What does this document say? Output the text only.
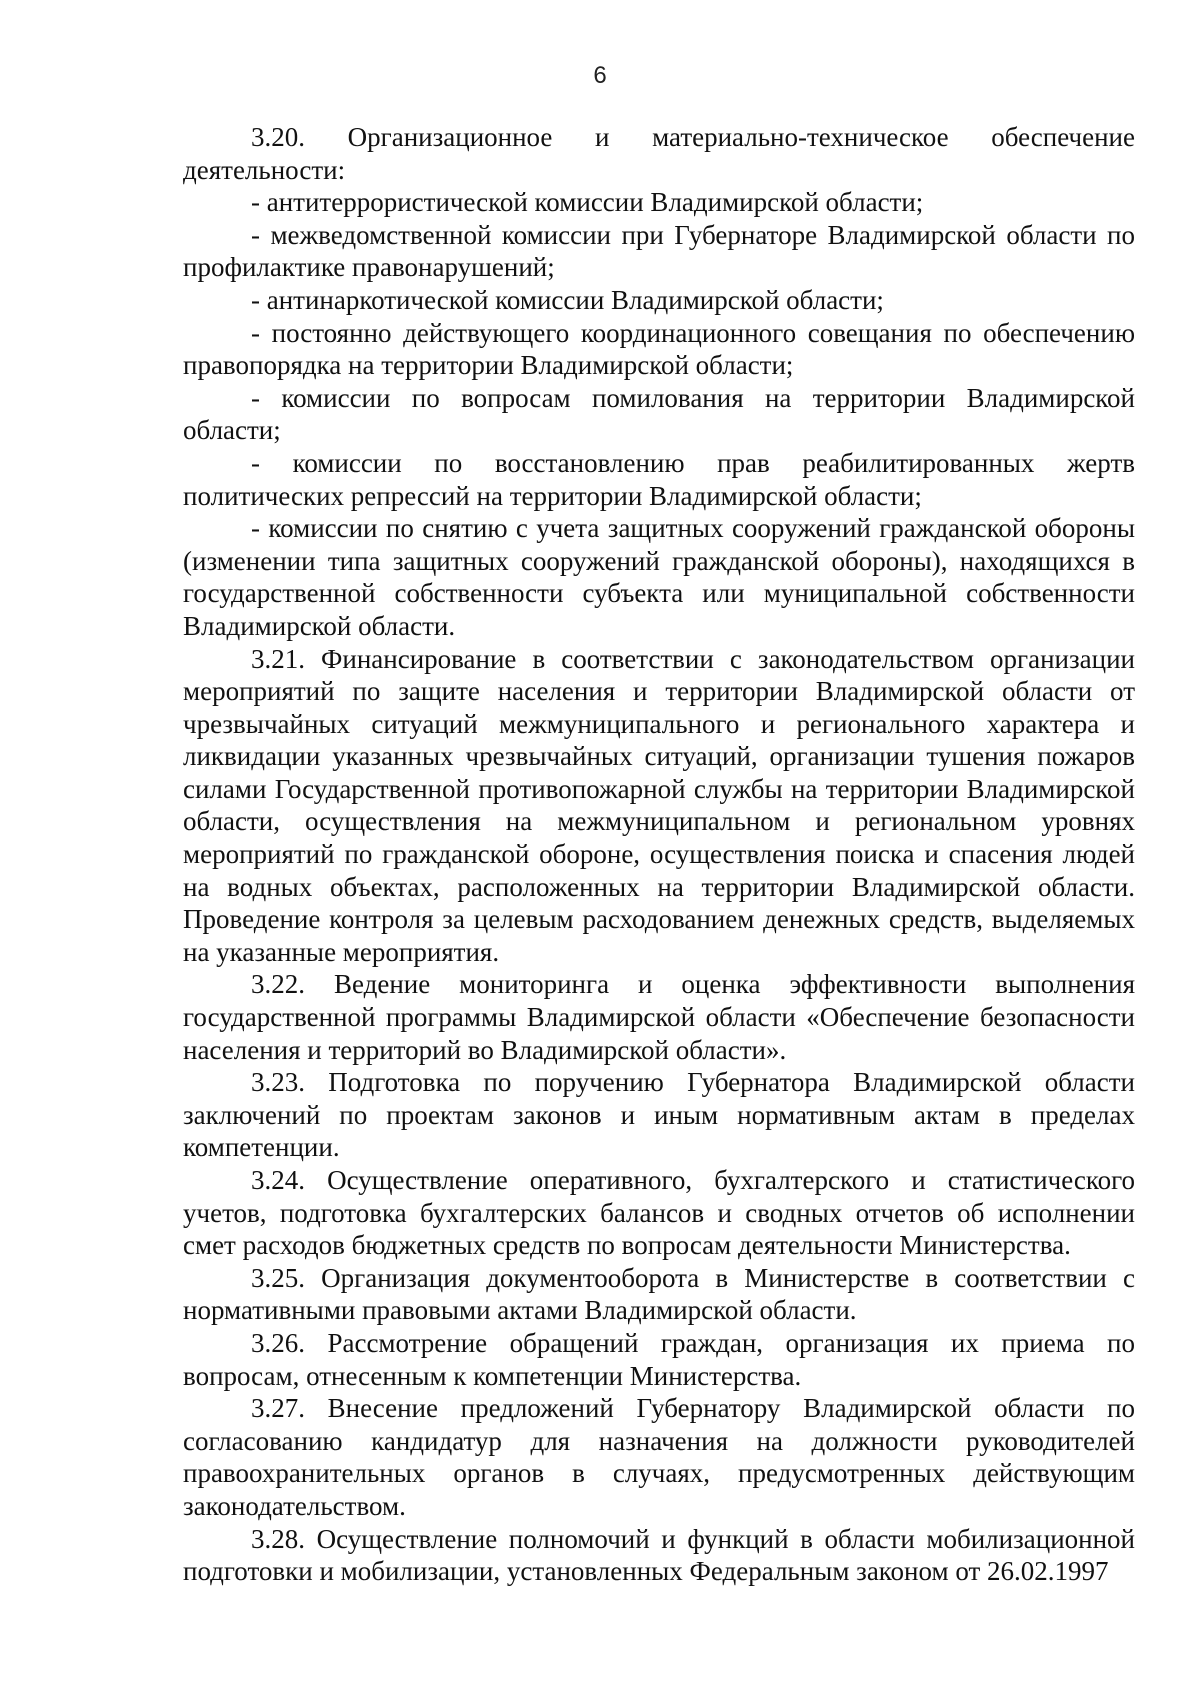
6

3.20. Организационное и материально-техническое обеспечение деятельности:

- антитеррористической комиссии Владимирской области;

- межведомственной комиссии при Губернаторе Владимирской области по профилактике правонарушений;

- антинаркотической комиссии Владимирской области;

- постоянно действующего координационного совещания по обеспечению правопорядка на территории Владимирской области;

- комиссии по вопросам помилования на территории Владимирской области;

- комиссии по восстановлению прав реабилитированных жертв политических репрессий на территории Владимирской области;

- комиссии по снятию с учета защитных сооружений гражданской обороны (изменении типа защитных сооружений гражданской обороны), находящихся в государственной собственности субъекта или муниципальной собственности Владимирской области.

3.21. Финансирование в соответствии с законодательством организации мероприятий по защите населения и территории Владимирской области от чрезвычайных ситуаций межмуниципального и регионального характера и ликвидации указанных чрезвычайных ситуаций, организации тушения пожаров силами Государственной противопожарной службы на территории Владимирской области, осуществления на межмуниципальном и региональном уровнях мероприятий по гражданской обороне, осуществления поиска и спасения людей на водных объектах, расположенных на территории Владимирской области. Проведение контроля за целевым расходованием денежных средств, выделяемых на указанные мероприятия.

3.22. Ведение мониторинга и оценка эффективности выполнения государственной программы Владимирской области «Обеспечение безопасности населения и территорий во Владимирской области».

3.23. Подготовка по поручению Губернатора Владимирской области заключений по проектам законов и иным нормативным актам в пределах компетенции.

3.24. Осуществление оперативного, бухгалтерского и статистического учетов, подготовка бухгалтерских балансов и сводных отчетов об исполнении смет расходов бюджетных средств по вопросам деятельности Министерства.

3.25. Организация документооборота в Министерстве в соответствии с нормативными правовыми актами Владимирской области.

3.26. Рассмотрение обращений граждан, организация их приема по вопросам, отнесенным к компетенции Министерства.

3.27. Внесение предложений Губернатору Владимирской области по согласованию кандидатур для назначения на должности руководителей правоохранительных органов в случаях, предусмотренных действующим законодательством.

3.28. Осуществление полномочий и функций в области мобилизационной подготовки и мобилизации, установленных Федеральным законом от 26.02.1997
